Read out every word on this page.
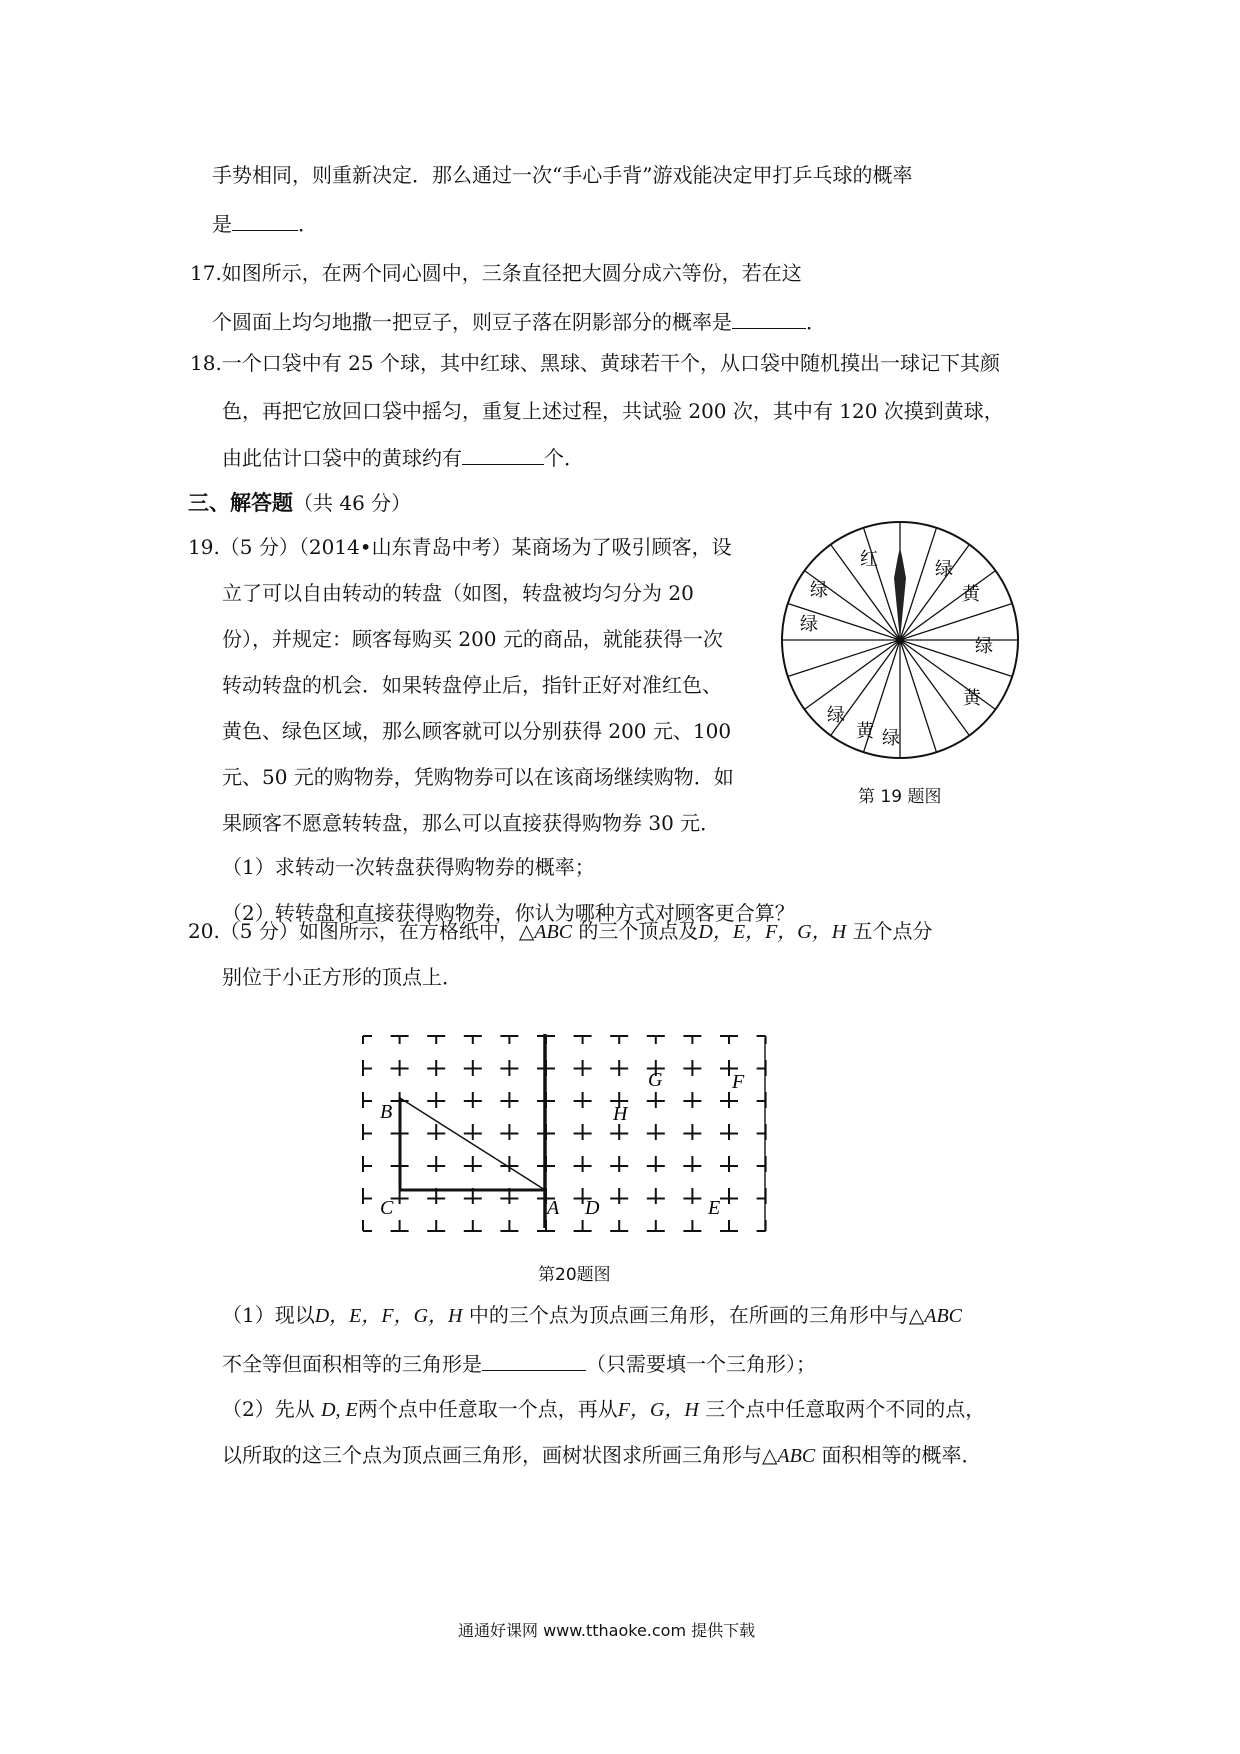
手势相同，则重新决定．那么通过一次“手心手背”游戏能决定甲打乒乓球的概率
是	．
17.如图所示，在两个同心圆中，三条直径把大圆分成六等份，若在这
个圆面上均匀地撒一把豆子，则豆子落在阴影部分的概率是	．
18.一个口袋中有 25 个球，其中红球、黑球、黄球若干个，从口袋中随机摸出一球记下其颜
色，再把它放回口袋中摇匀，重复上述过程，共试验 200 次，其中有 120 次摸到黄球，
由此估计口袋中的黄球约有	个．
三、解答题（共 46 分）
19.（5 分）（2014•山东青岛中考）某商场为了吸引顾客，设
立了可以自由转动的转盘（如图，转盘被均匀分为 20
份），并规定：顾客每购买 200 元的商品，就能获得一次
转动转盘的机会．如果转盘停止后，指针正好对准红色、
黄色、绿色区域，那么顾客就可以分别获得 200 元、100
元、50 元的购物券，凭购物券可以在该商场继续购物．如
果顾客不愿意转转盘，那么可以直接获得购物券 30 元．
（1）求转动一次转盘获得购物券的概率；
（2）转转盘和直接获得购物券，你认为哪种方式对顾客更合算？
红
绿
绿
绿
黄
绿
黄
绿
黄 绿
第 19 题图
20.（5 分）如图所示，在方格纸中，△ABC 的三个顶点及D，E，F，G，H 五个点分
别位于小正方形的顶点上．
B
C	A D	E
H
G	F
第20题图
（1）现以D，E，F，G，H 中的三个点为顶点画三角形，在所画的三角形中与△ABC
不全等但面积相等的三角形是	（只需要填一个三角形）；
（2）先从 D, E两个点中任意取一个点，再从F，G，H 三个点中任意取两个不同的点，
以所取的这三个点为顶点画三角形，画树状图求所画三角形与△ABC 面积相等的概率．
通通好课网 www.tthaoke.com 提供下载
